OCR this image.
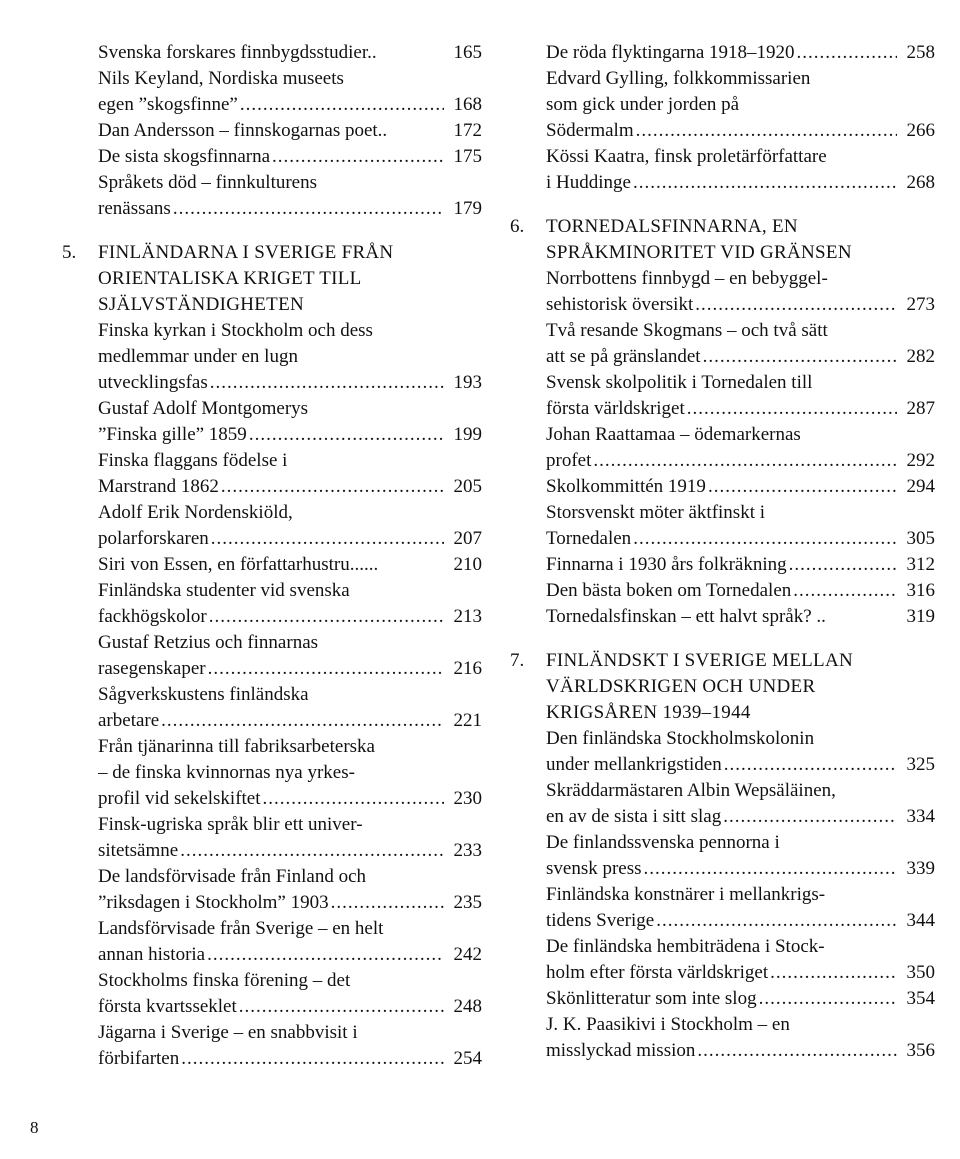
Svenska forskares finnbygdsstudier..	165
Nils Keyland, Nordiska museets
egen ”skogsfinne” .....	168
Dan Andersson – finnskogarnas poet..	172
De sista skogsfinnarna .....	175
Språkets död – finnkulturens
renässans .....	179
5.	FINLÄNDARNA I SVERIGE FRÅN
ORIENTALISKA KRIGET TILL
SJÄLVSTÄNDIGHETEN
Finska kyrkan i Stockholm och dess
medlemmar under en lugn
utvecklingsfas .....	193
Gustaf Adolf Montgomerys
”Finska gille” 1859 .....	199
Finska flaggans födelse i
Marstrand 1862 .....	205
Adolf Erik Nordenskiöld,
polarforskaren .....	207
Siri von Essen, en författarhustru......	210
Finländska studenter vid svenska
fackhögskolor .....	213
Gustaf Retzius och finnarnas
rasegenskaper .....	216
Sågverkskustens finländska
arbetare .....	221
Från tjänarinna till fabriksarbeterska
– de finska kvinnornas nya yrkes-
profil vid sekelskiftet .....	230
Finsk-ugriska språk blir ett univer-
sitetsämne .....	233
De landsförvisade från Finland och
”riksdagen i Stockholm” 1903 .....	235
Landsförvisade från Sverige – en helt
annan historia .....	242
Stockholms finska förening – det
första kvartsseklet .....	248
Jägarna i Sverige – en snabbvisit i
förbifarten .....	254
De röda flyktingarna 1918–1920 .....	258
Edvard Gylling, folkkommissarien
som gick under jorden på
Södermalm .....	266
Kössi Kaatra, finsk proletärförfattare
i Huddinge .....	268
6.	TORNEDALSFINNARNA, EN
SPRÅKMINORITET VID GRÄNSEN
Norrbottens finnbygd – en bebyggel-
sehistorisk översikt .....	273
Två resande Skogmans – och två sätt
att se på gränslandet .....	282
Svensk skolpolitik i Tornedalen till
första världskriget .....	287
Johan Raattamaa – ödemarkernas
profet .....	292
Skolkommittén 1919 .....	294
Storsvenskt möter äktfinskt i
Tornedalen .....	305
Finnarna i 1930 års folkräkning .....	312
Den bästa boken om Tornedalen .....	316
Tornedalsfinskan – ett halvt språk? ..	319
7.	FINLÄNDSKT I SVERIGE MELLAN
VÄRLDSKRIGEN OCH UNDER
KRIGSÅREN 1939–1944
Den finländska Stockholmskolonin
under mellankrigstiden .....	325
Skräddarmästaren Albin Wepsäläinen,
en av de sista i sitt slag .....	334
De finlandssvenska pennorna i
svensk press .....	339
Finländska konstnärer i mellankrigs-
tidens Sverige .....	344
De finländska hembiträdena i Stock-
holm efter första världskriget .....	350
Skönlitteratur som inte slog .....	354
J. K. Paasikivi i Stockholm – en
misslyckad mission .....	356
8
